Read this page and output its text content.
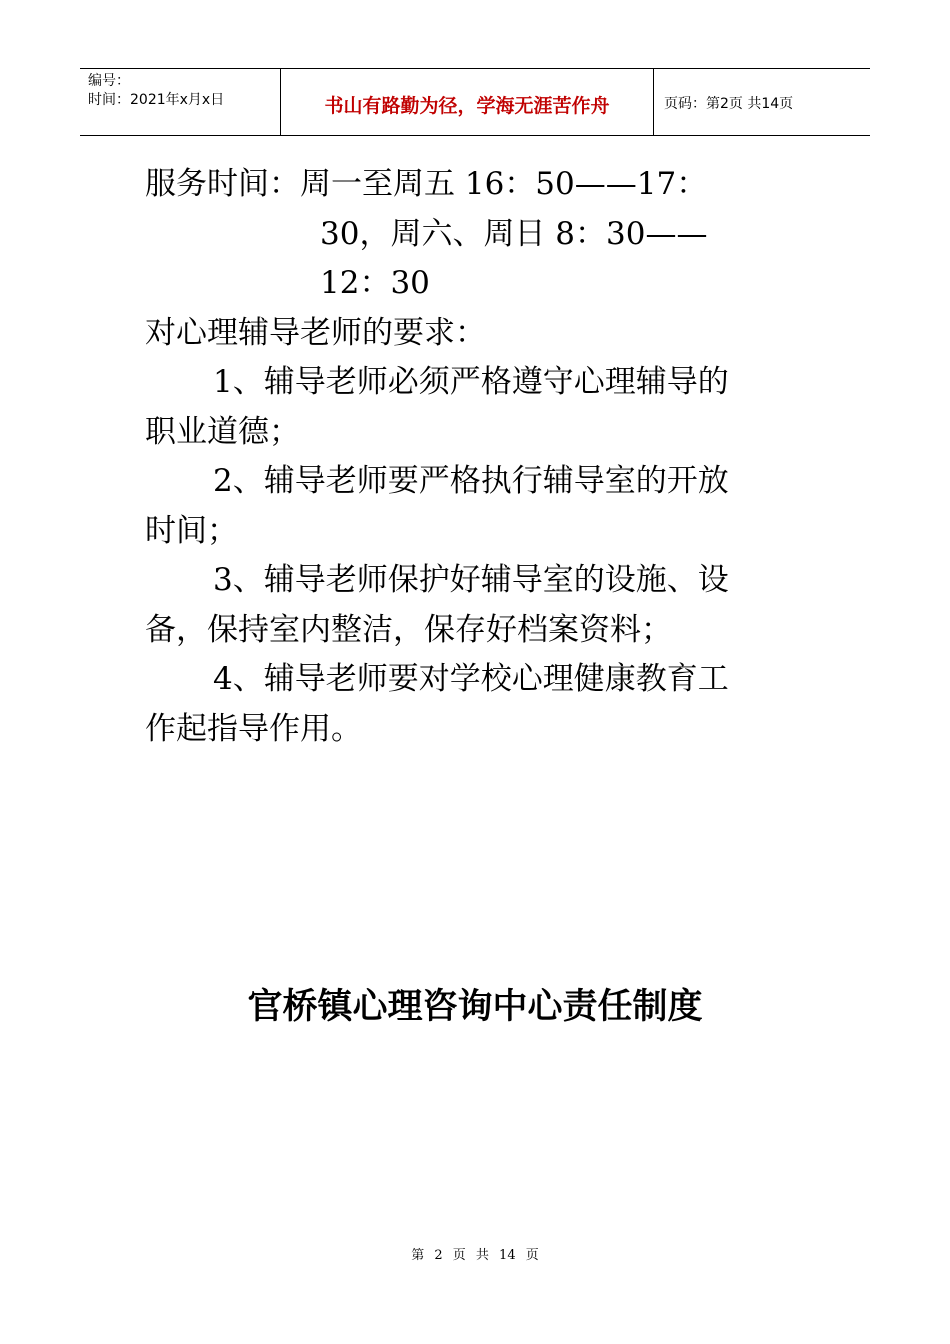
编号：
时间：2021年x月x日	书山有路勤为径，学海无涯苦作舟	页码：第2页 共14页
服务时间：周一至周五 16：50——17：
30，周六、周日 8：30——
12：30
对心理辅导老师的要求：
1、辅导老师必须严格遵守心理辅导的
职业道德；
2、辅导老师要严格执行辅导室的开放
时间；
3、辅导老师保护好辅导室的设施、设
备，保持室内整洁，保存好档案资料；
4、辅导老师要对学校心理健康教育工
作起指导作用。
官桥镇心理咨询中心责任制度
第 2 页 共 14 页
